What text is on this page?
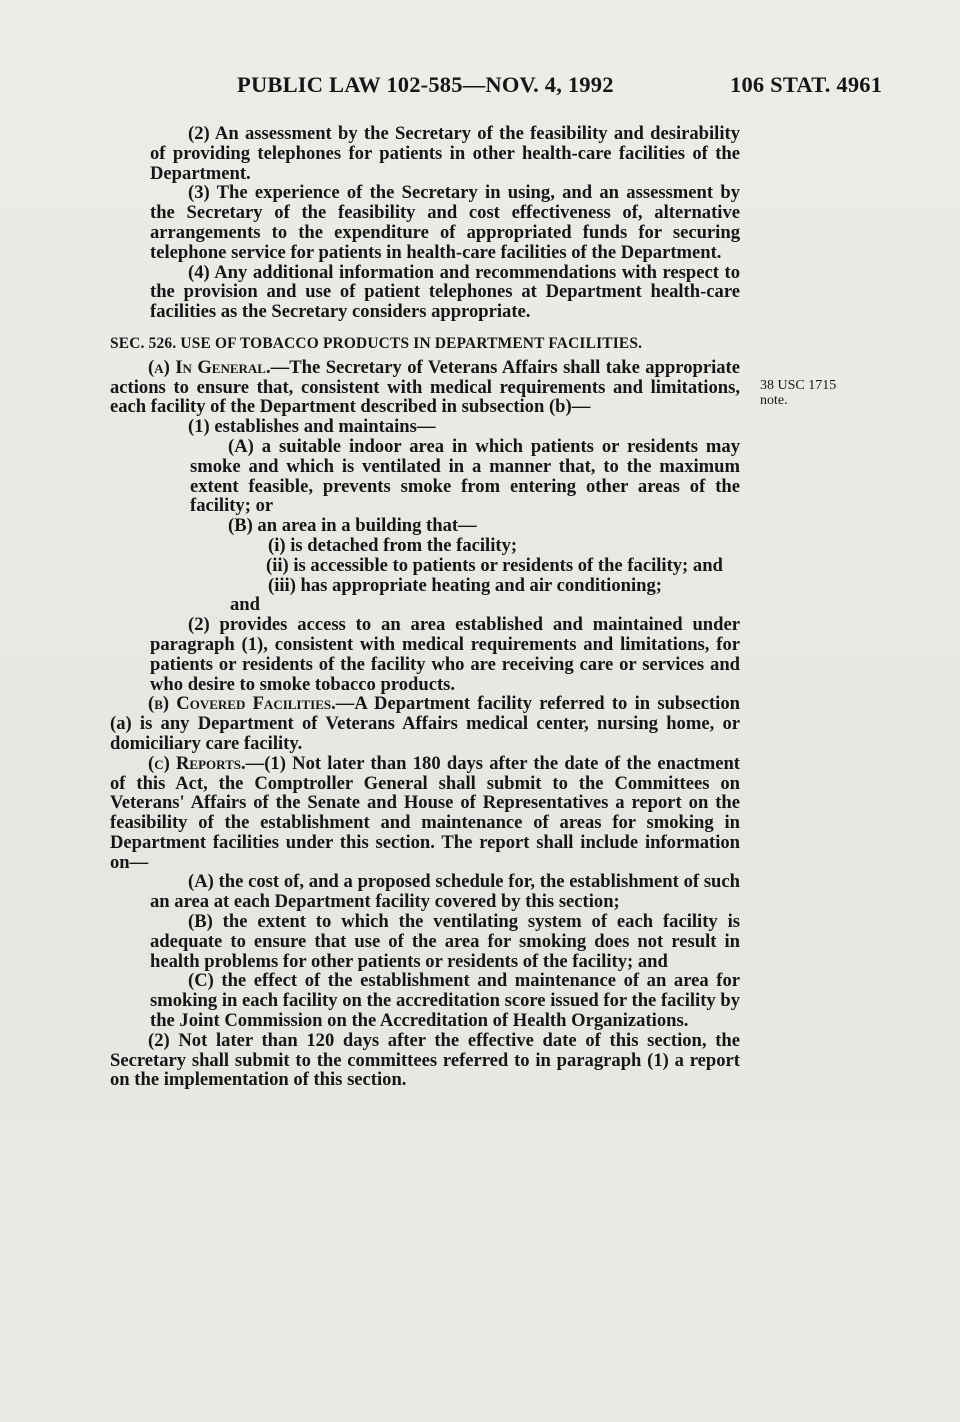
PUBLIC LAW 102-585—NOV. 4, 1992	106 STAT. 4961
38 USC 1715
note.

(2) An assessment by the Secretary of the feasibility and desirability of providing telephones for patients in other health-care facilities of the Department.

(3) The experience of the Secretary in using, and an assessment by the Secretary of the feasibility and cost effectiveness of, alternative arrangements to the expenditure of appropriated funds for securing telephone service for patients in health-care facilities of the Department.

(4) Any additional information and recommendations with respect to the provision and use of patient telephones at Department health-care facilities as the Secretary considers appropriate.

SEC. 526. USE OF TOBACCO PRODUCTS IN DEPARTMENT FACILITIES.

(a) In General.—The Secretary of Veterans Affairs shall take appropriate actions to ensure that, consistent with medical requirements and limitations, each facility of the Department described in subsection (b)—

(1) establishes and maintains—

(A) a suitable indoor area in which patients or residents may smoke and which is ventilated in a manner that, to the maximum extent feasible, prevents smoke from entering other areas of the facility; or

(B) an area in a building that—

(i) is detached from the facility;

(ii) is accessible to patients or residents of the facility; and

(iii) has appropriate heating and air conditioning;

and

(2) provides access to an area established and maintained under paragraph (1), consistent with medical requirements and limitations, for patients or residents of the facility who are receiving care or services and who desire to smoke tobacco products.

(b) Covered Facilities.—A Department facility referred to in subsection (a) is any Department of Veterans Affairs medical center, nursing home, or domiciliary care facility.

(c) Reports.—(1) Not later than 180 days after the date of the enactment of this Act, the Comptroller General shall submit to the Committees on Veterans' Affairs of the Senate and House of Representatives a report on the feasibility of the establishment and maintenance of areas for smoking in Department facilities under this section. The report shall include information on—

(A) the cost of, and a proposed schedule for, the establishment of such an area at each Department facility covered by this section;

(B) the extent to which the ventilating system of each facility is adequate to ensure that use of the area for smoking does not result in health problems for other patients or residents of the facility; and

(C) the effect of the establishment and maintenance of an area for smoking in each facility on the accreditation score issued for the facility by the Joint Commission on the Accreditation of Health Organizations.

(2) Not later than 120 days after the effective date of this section, the Secretary shall submit to the committees referred to in paragraph (1) a report on the implementation of this section.
